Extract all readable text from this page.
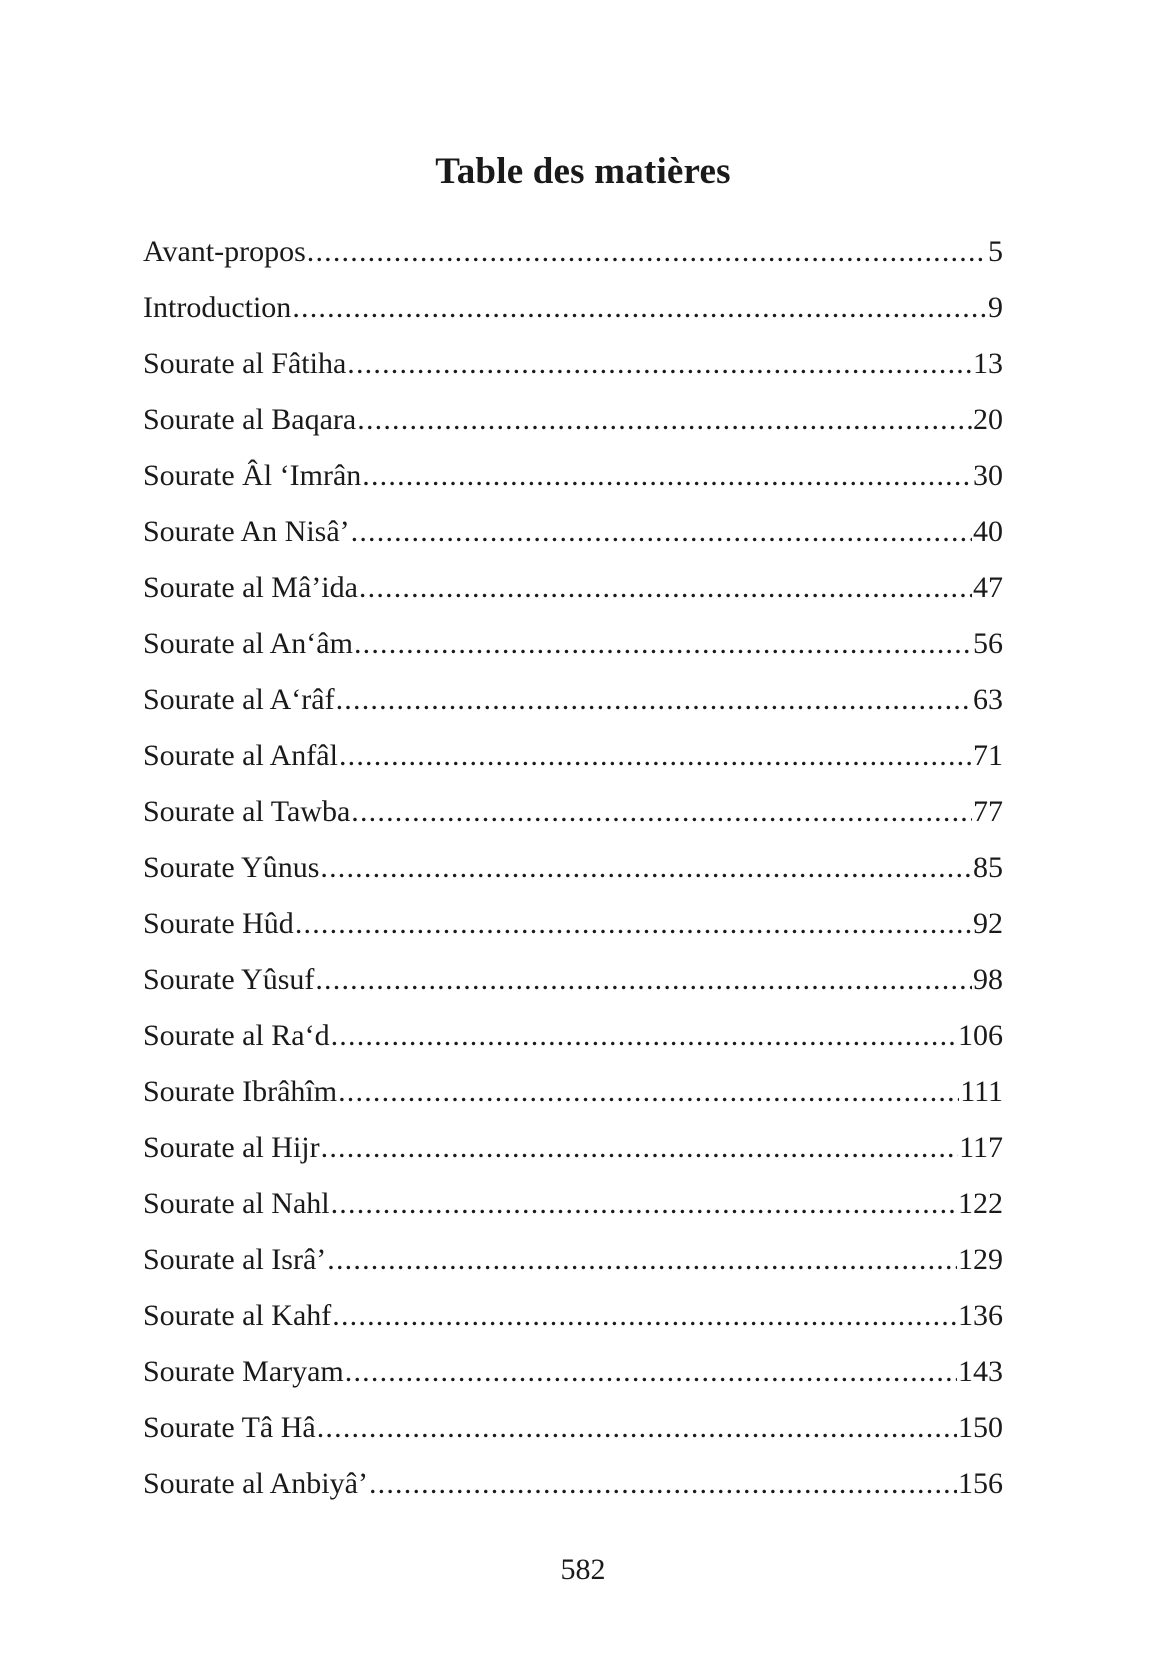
Table des matières
Avant-propos .....	5
Introduction .....	9
Sourate al Fâtiha .....	13
Sourate al Baqara .....	20
Sourate Âl ‘Imrân .....	30
Sourate An Nisâ’ .....	40
Sourate al Mâ’ida .....	47
Sourate al An‘âm .....	56
Sourate al A‘râf .....	63
Sourate al Anfâl .....	71
Sourate al Tawba .....	77
Sourate Yûnus .....	85
Sourate Hûd .....	92
Sourate Yûsuf .....	98
Sourate al Ra‘d .....	106
Sourate Ibrâhîm .....	111
Sourate al Hijr .....	117
Sourate al Nahl .....	122
Sourate al Isrâ’ .....	129
Sourate al Kahf .....	136
Sourate Maryam .....	143
Sourate Tâ Hâ .....	150
Sourate al Anbiyâ’ .....	156
582
